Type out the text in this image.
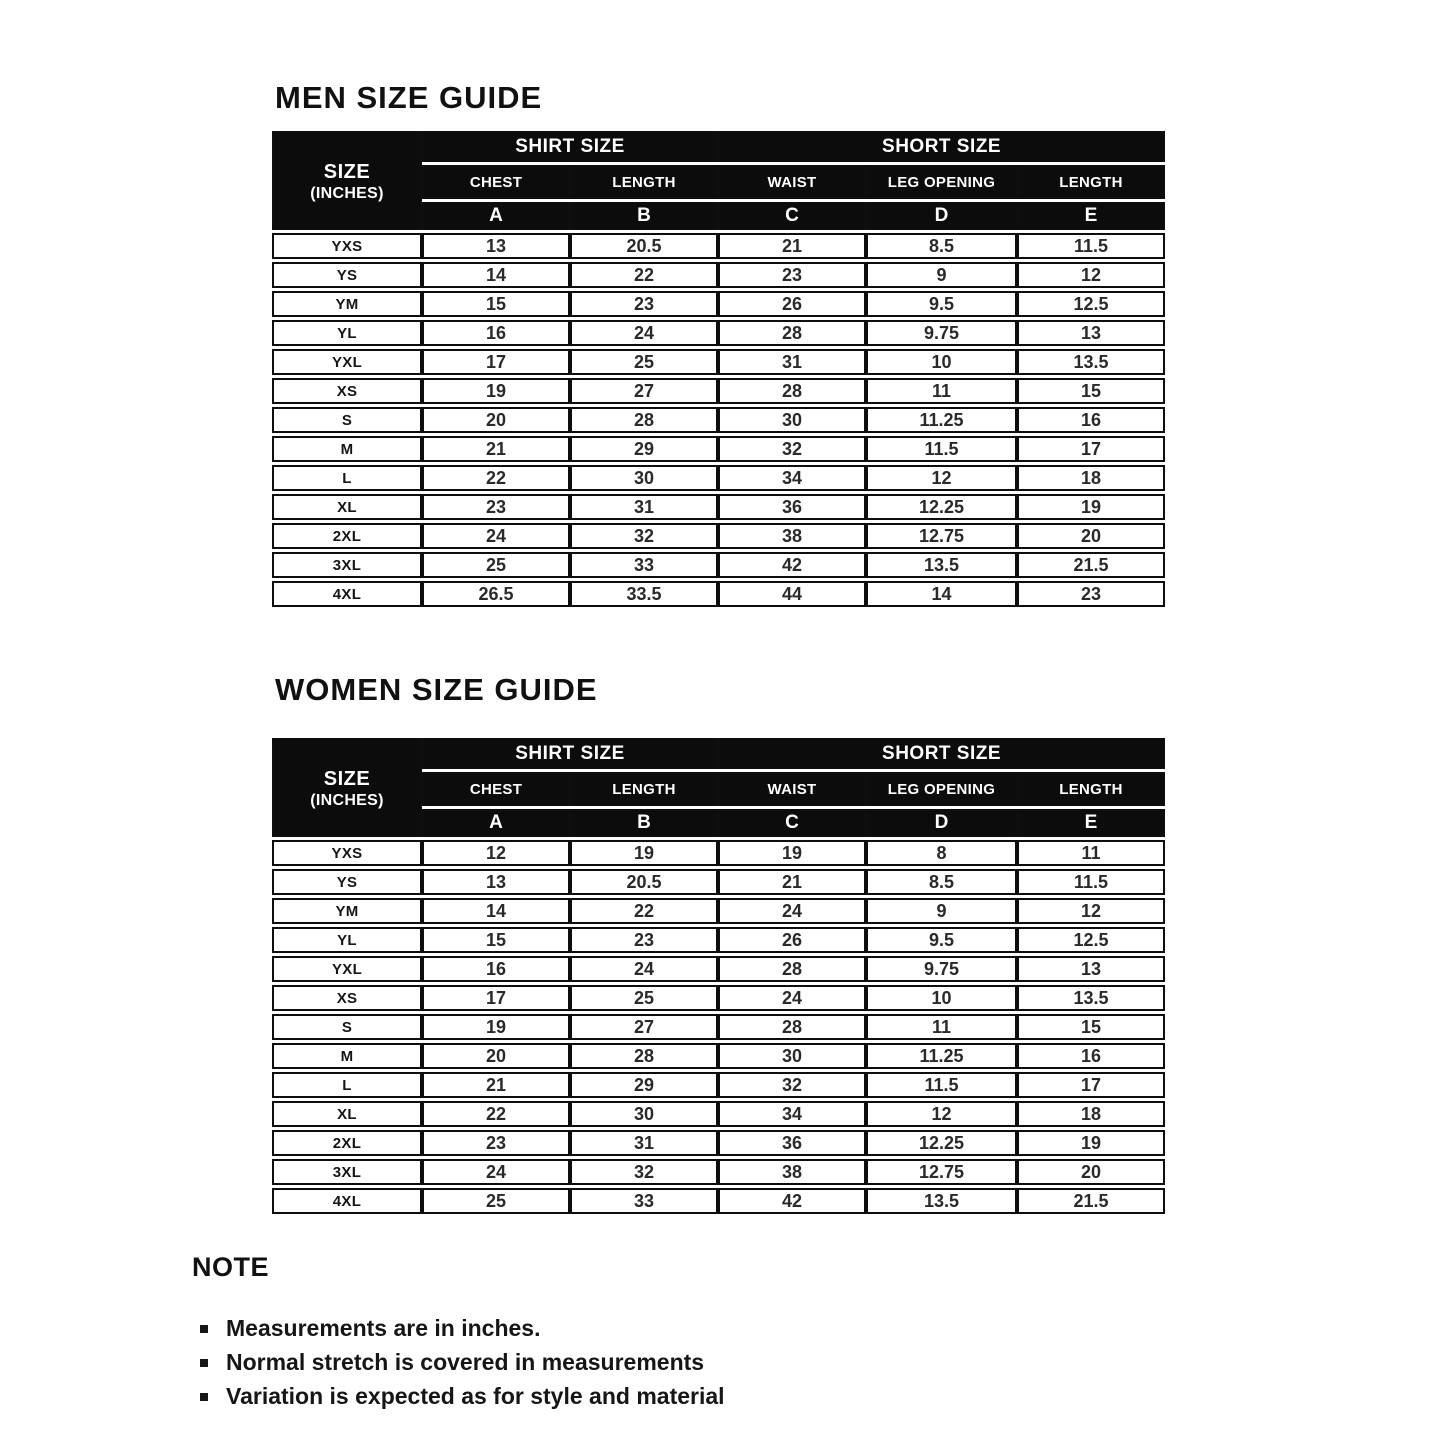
MEN SIZE GUIDE
SIZE
(INCHES)	SHIRT SIZE		SHORT SIZE		
	CHEST	LENGTH	WAIST	LEG OPENING	LENGTH
	A	B	C	D	E
YXS	13	20.5	21	8.5	11.5
YS	14	22	23	9	12
YM	15	23	26	9.5	12.5
YL	16	24	28	9.75	13
YXL	17	25	31	10	13.5
XS	19	27	28	11	15
S	20	28	30	11.25	16
M	21	29	32	11.5	17
L	22	30	34	12	18
XL	23	31	36	12.25	19
2XL	24	32	38	12.75	20
3XL	25	33	42	13.5	21.5
4XL	26.5	33.5	44	14	23
WOMEN SIZE GUIDE
SIZE
(INCHES)	SHIRT SIZE		SHORT SIZE		
	CHEST	LENGTH	WAIST	LEG OPENING	LENGTH
	A	B	C	D	E
YXS	12	19	19	8	11
YS	13	20.5	21	8.5	11.5
YM	14	22	24	9	12
YL	15	23	26	9.5	12.5
YXL	16	24	28	9.75	13
XS	17	25	24	10	13.5
S	19	27	28	11	15
M	20	28	30	11.25	16
L	21	29	32	11.5	17
XL	22	30	34	12	18
2XL	23	31	36	12.25	19
3XL	24	32	38	12.75	20
4XL	25	33	42	13.5	21.5
NOTE
Measurements are in inches.
Normal stretch is covered in measurements
Variation is expected as for style and material
